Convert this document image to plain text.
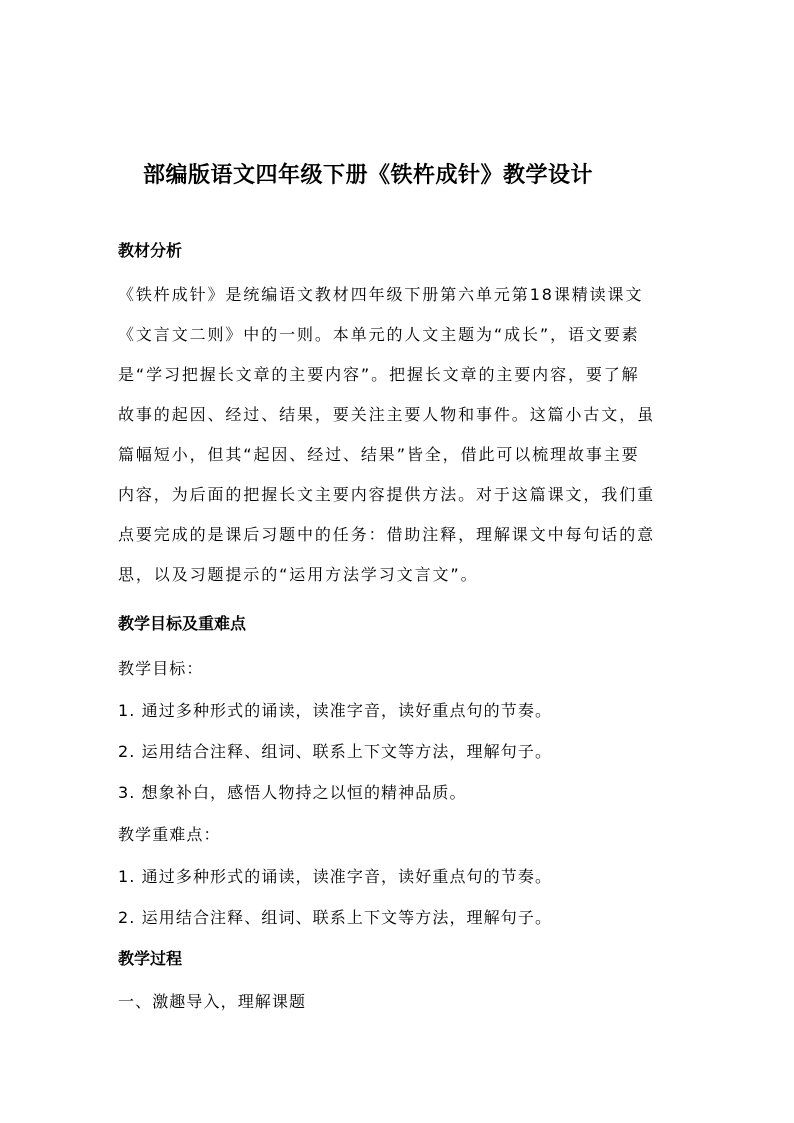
部编版语文四年级下册《铁杵成针》教学设计
教材分析
《铁杵成针》是统编语文教材四年级下册第六单元第18课精读课文
《文言文二则》中的一则。本单元的人文主题为“成长”，语文要素
是“学习把握长文章的主要内容”。把握长文章的主要内容，要了解
故事的起因、经过、结果，要关注主要人物和事件。这篇小古文，虽
篇幅短小，但其“起因、经过、结果”皆全，借此可以梳理故事主要
内容，为后面的把握长文主要内容提供方法。对于这篇课文，我们重
点要完成的是课后习题中的任务：借助注释，理解课文中每句话的意
思，以及习题提示的“运用方法学习文言文”。
教学目标及重难点
教学目标：
1. 通过多种形式的诵读，读准字音，读好重点句的节奏。
2. 运用结合注释、组词、联系上下文等方法，理解句子。
3. 想象补白，感悟人物持之以恒的精神品质。
教学重难点：
1. 通过多种形式的诵读，读准字音，读好重点句的节奏。
2. 运用结合注释、组词、联系上下文等方法，理解句子。
教学过程
一、激趣导入，理解课题
